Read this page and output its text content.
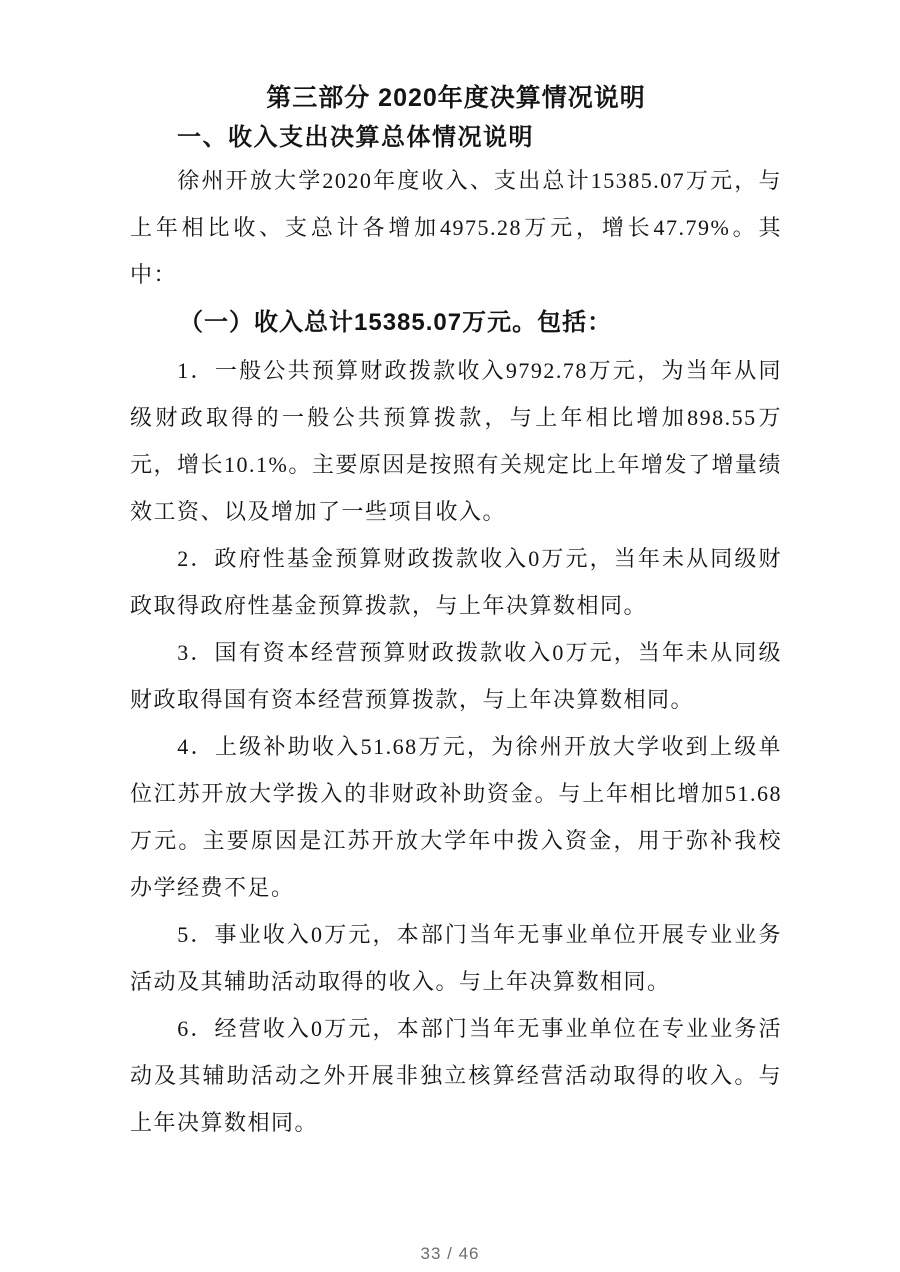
第三部分 2020年度决算情况说明
一、收入支出决算总体情况说明

徐州开放大学2020年度收入、支出总计15385.07万元，与上年相比收、支总计各增加4975.28万元，增长47.79%。其中：

（一）收入总计15385.07万元。包括：

1．一般公共预算财政拨款收入9792.78万元，为当年从同级财政取得的一般公共预算拨款，与上年相比增加898.55万元，增长10.1%。主要原因是按照有关规定比上年增发了增量绩效工资、以及增加了一些项目收入。

2．政府性基金预算财政拨款收入0万元，当年未从同级财政取得政府性基金预算拨款，与上年决算数相同。

3．国有资本经营预算财政拨款收入0万元，当年未从同级财政取得国有资本经营预算拨款，与上年决算数相同。

4．上级补助收入51.68万元，为徐州开放大学收到上级单位江苏开放大学拨入的非财政补助资金。与上年相比增加51.68万元。主要原因是江苏开放大学年中拨入资金，用于弥补我校办学经费不足。

5．事业收入0万元，本部门当年无事业单位开展专业业务活动及其辅助活动取得的收入。与上年决算数相同。

6．经营收入0万元，本部门当年无事业单位在专业业务活动及其辅助活动之外开展非独立核算经营活动取得的收入。与上年决算数相同。

33 / 46
